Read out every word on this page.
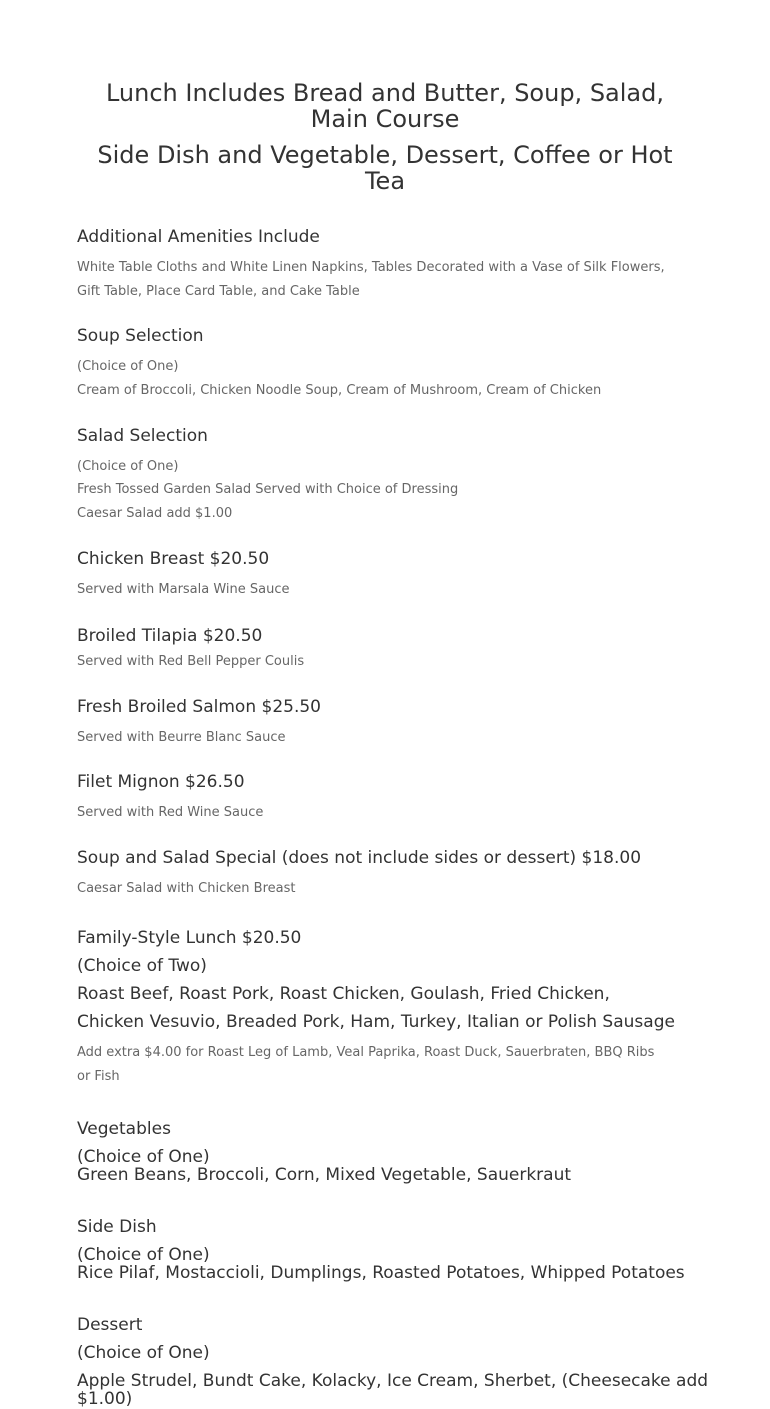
Lunch Includes Bread and Butter, Soup, Salad,
Main Course
Side Dish and Vegetable, Dessert, Coffee or Hot
Tea
Additional Amenities Include
White Table Cloths and White Linen Napkins, Tables Decorated with a Vase of Silk Flowers,
Gift Table, Place Card Table, and Cake Table
Soup Selection
(Choice of One)
Cream of Broccoli, Chicken Noodle Soup, Cream of Mushroom, Cream of Chicken
Salad Selection
(Choice of One)
Fresh Tossed Garden Salad Served with Choice of Dressing
Caesar Salad add $1.00
Chicken Breast $20.50
Served with Marsala Wine Sauce
Broiled Tilapia $20.50
Served with Red Bell Pepper Coulis
Fresh Broiled Salmon $25.50
Served with Beurre Blanc Sauce
Filet Mignon $26.50
Served with Red Wine Sauce
Soup and Salad Special (does not include sides or dessert) $18.00
Caesar Salad with Chicken Breast
Family-Style Lunch $20.50
(Choice of Two)
Roast Beef, Roast Pork, Roast Chicken, Goulash, Fried Chicken,
Chicken Vesuvio, Breaded Pork, Ham, Turkey, Italian or Polish Sausage
Add extra $4.00 for Roast Leg of Lamb, Veal Paprika, Roast Duck, Sauerbraten, BBQ Ribs
or Fish
Vegetables
(Choice of One)
Green Beans, Broccoli, Corn, Mixed Vegetable, Sauerkraut
Side Dish
(Choice of One)
Rice Pilaf, Mostaccioli, Dumplings, Roasted Potatoes, Whipped Potatoes
Dessert
(Choice of One)
Apple Strudel, Bundt Cake, Kolacky, Ice Cream, Sherbet, (Cheesecake add
$1.00)
